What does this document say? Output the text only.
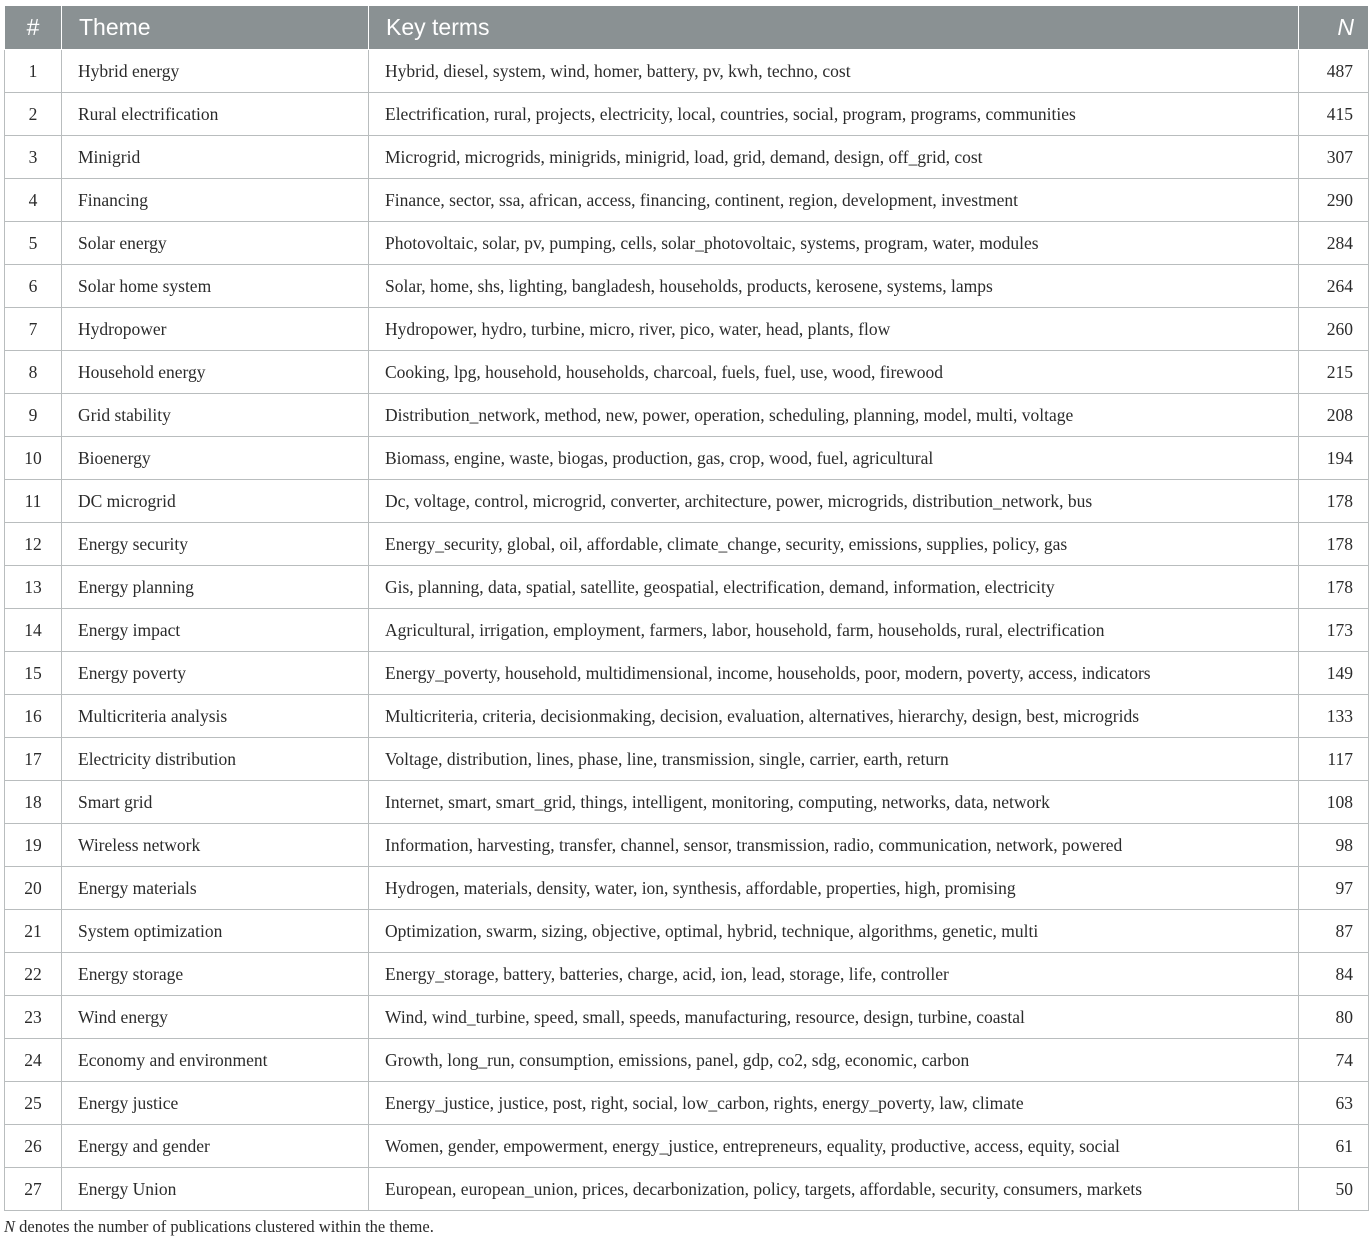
#	Theme	Key terms	N
1	Hybrid energy	Hybrid, diesel, system, wind, homer, battery, pv, kwh, techno, cost	487
2	Rural electrification	Electrification, rural, projects, electricity, local, countries, social, program, programs, communities	415
3	Minigrid	Microgrid, microgrids, minigrids, minigrid, load, grid, demand, design, off_grid, cost	307
4	Financing	Finance, sector, ssa, african, access, financing, continent, region, development, investment	290
5	Solar energy	Photovoltaic, solar, pv, pumping, cells, solar_photovoltaic, systems, program, water, modules	284
6	Solar home system	Solar, home, shs, lighting, bangladesh, households, products, kerosene, systems, lamps	264
7	Hydropower	Hydropower, hydro, turbine, micro, river, pico, water, head, plants, flow	260
8	Household energy	Cooking, lpg, household, households, charcoal, fuels, fuel, use, wood, firewood	215
9	Grid stability	Distribution_network, method, new, power, operation, scheduling, planning, model, multi, voltage	208
10	Bioenergy	Biomass, engine, waste, biogas, production, gas, crop, wood, fuel, agricultural	194
11	DC microgrid	Dc, voltage, control, microgrid, converter, architecture, power, microgrids, distribution_network, bus	178
12	Energy security	Energy_security, global, oil, affordable, climate_change, security, emissions, supplies, policy, gas	178
13	Energy planning	Gis, planning, data, spatial, satellite, geospatial, electrification, demand, information, electricity	178
14	Energy impact	Agricultural, irrigation, employment, farmers, labor, household, farm, households, rural, electrification	173
15	Energy poverty	Energy_poverty, household, multidimensional, income, households, poor, modern, poverty, access, indicators	149
16	Multicriteria analysis	Multicriteria, criteria, decisionmaking, decision, evaluation, alternatives, hierarchy, design, best, microgrids	133
17	Electricity distribution	Voltage, distribution, lines, phase, line, transmission, single, carrier, earth, return	117
18	Smart grid	Internet, smart, smart_grid, things, intelligent, monitoring, computing, networks, data, network	108
19	Wireless network	Information, harvesting, transfer, channel, sensor, transmission, radio, communication, network, powered	98
20	Energy materials	Hydrogen, materials, density, water, ion, synthesis, affordable, properties, high, promising	97
21	System optimization	Optimization, swarm, sizing, objective, optimal, hybrid, technique, algorithms, genetic, multi	87
22	Energy storage	Energy_storage, battery, batteries, charge, acid, ion, lead, storage, life, controller	84
23	Wind energy	Wind, wind_turbine, speed, small, speeds, manufacturing, resource, design, turbine, coastal	80
24	Economy and environment	Growth, long_run, consumption, emissions, panel, gdp, co2, sdg, economic, carbon	74
25	Energy justice	Energy_justice, justice, post, right, social, low_carbon, rights, energy_poverty, law, climate	63
26	Energy and gender	Women, gender, empowerment, energy_justice, entrepreneurs, equality, productive, access, equity, social	61
27	Energy Union	European, european_union, prices, decarbonization, policy, targets, affordable, security, consumers, markets	50
N denotes the number of publications clustered within the theme.
